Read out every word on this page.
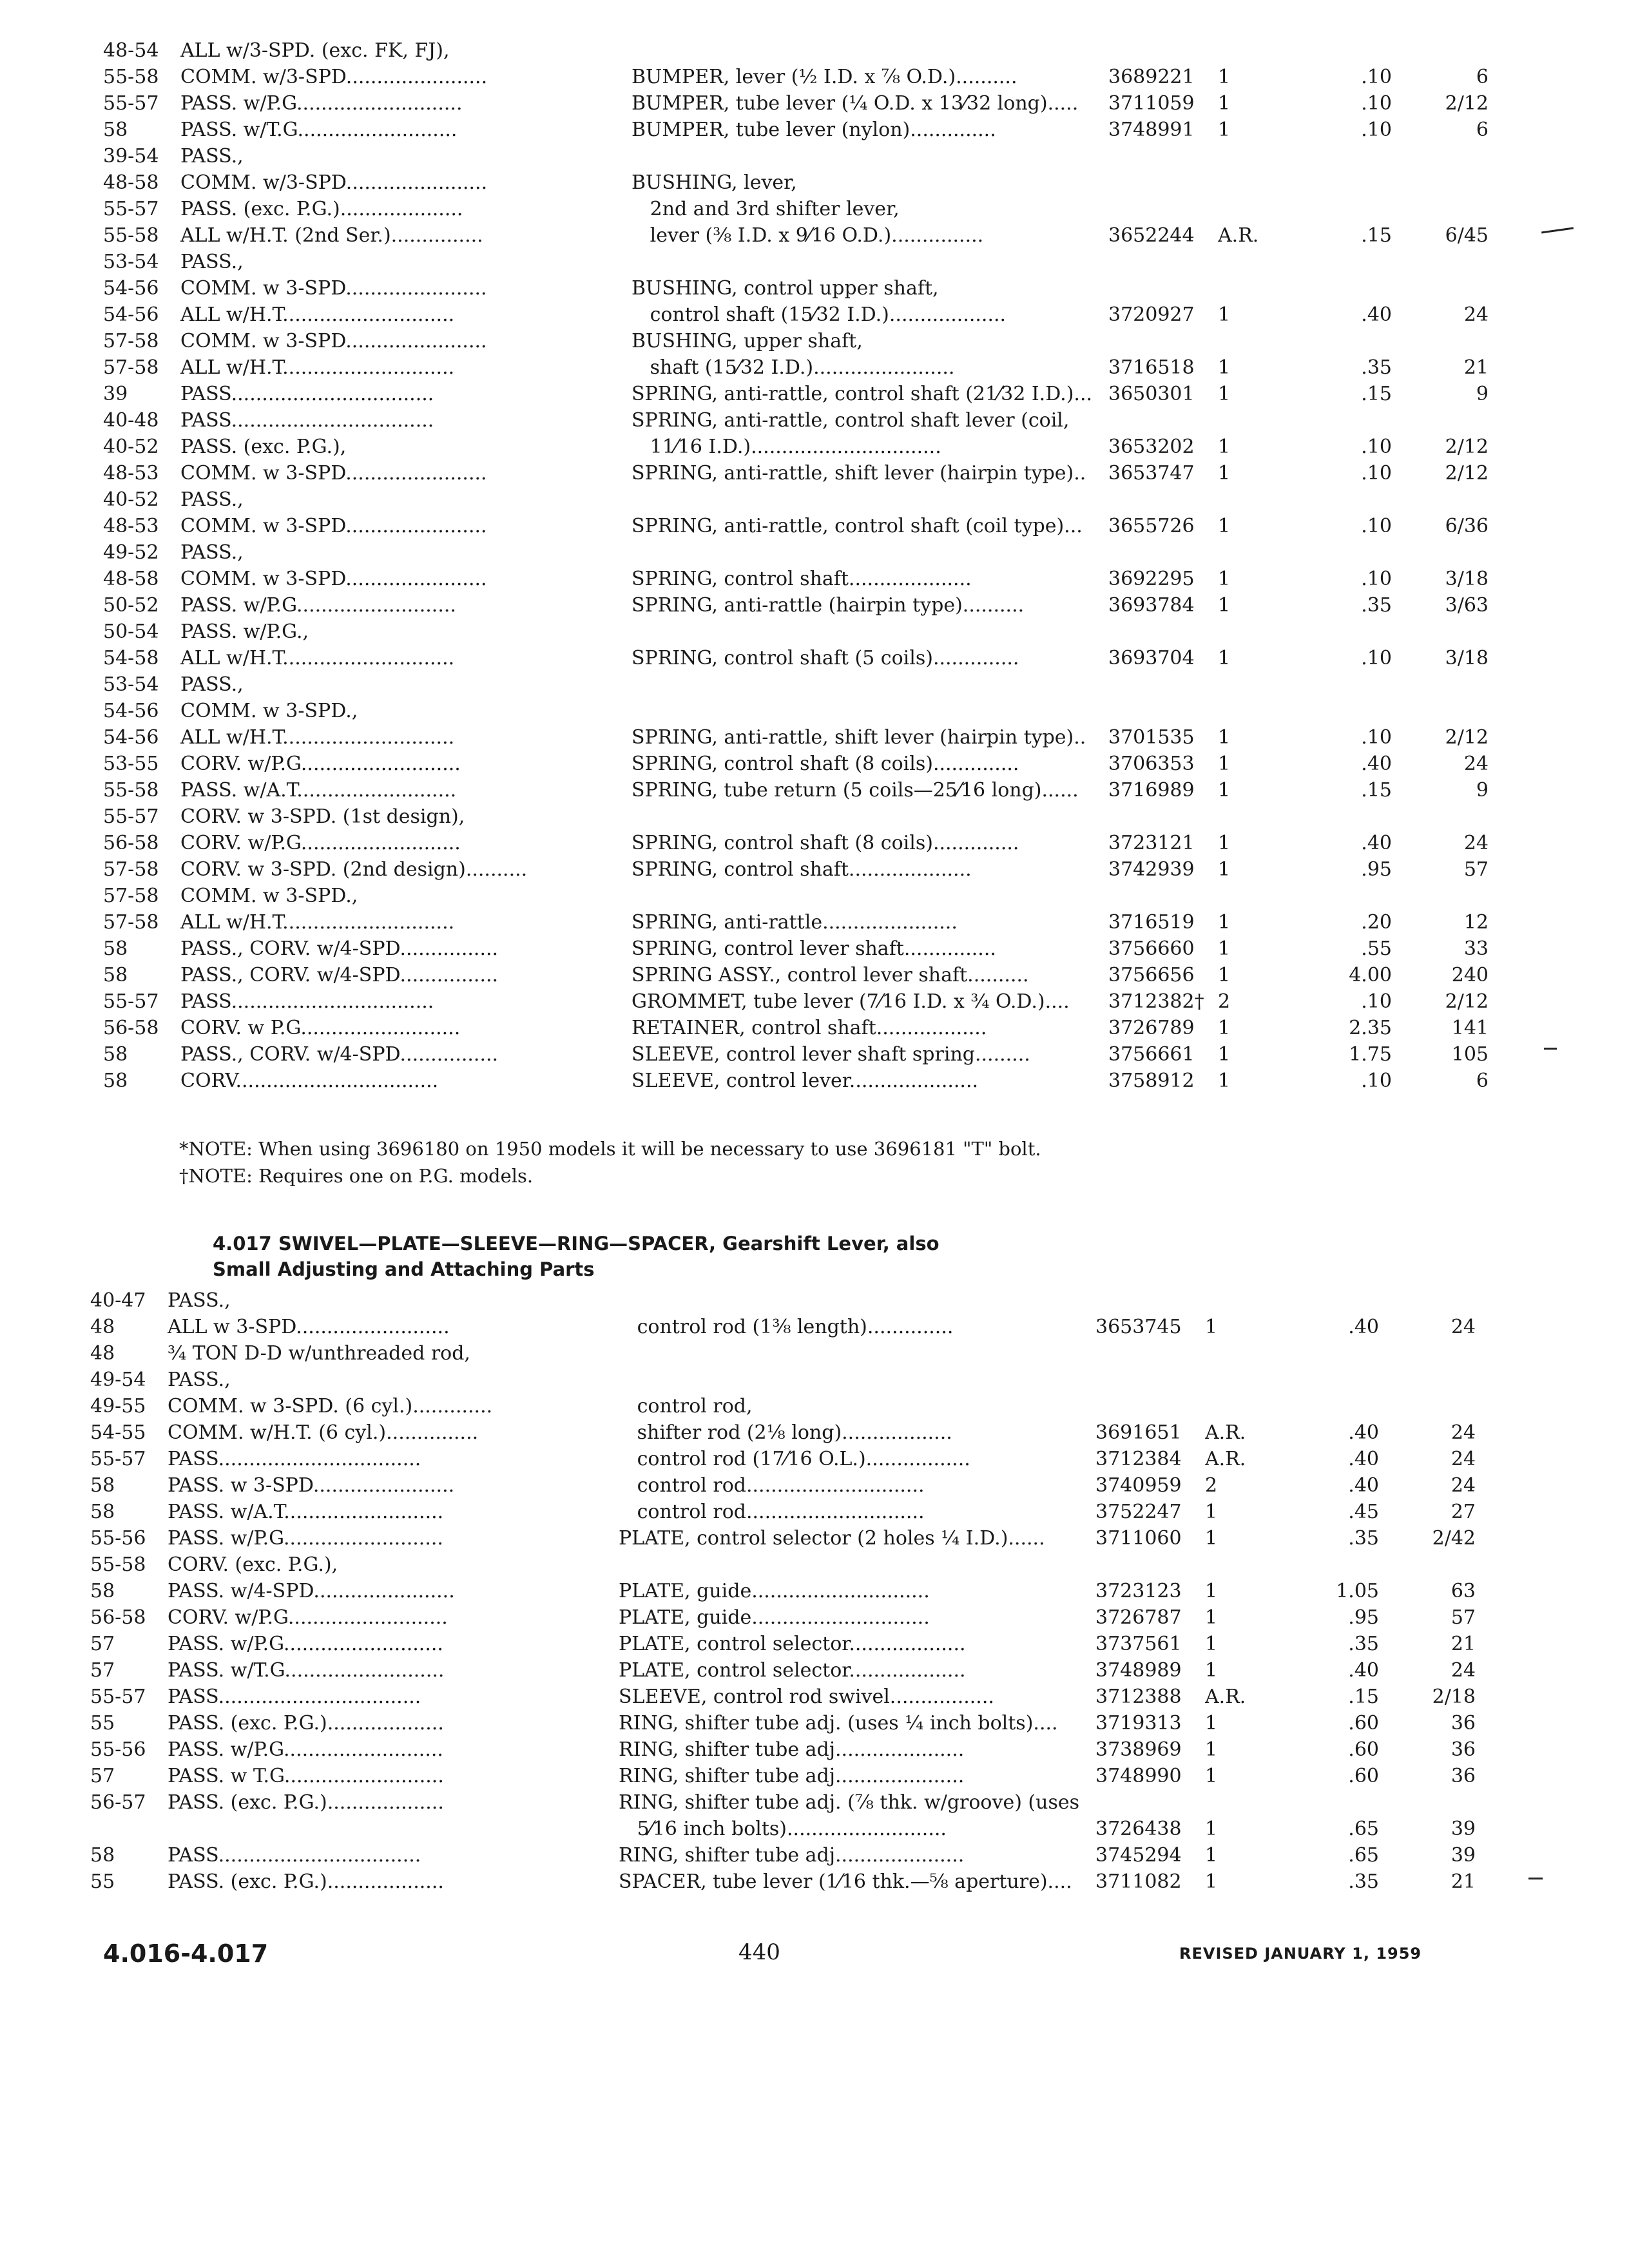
48-54	ALL w/3-SPD. (exc. FK, FJ),					
55-58	COMM. w/3-SPD.......................	BUMPER, lever (½ I.D. x ⅞ O.D.)..........	3689221	1	.10	6
55-57	PASS. w/P.G...........................	BUMPER, tube lever (¼ O.D. x 13⁄32 long).....	3711059	1	.10	2/12
58	PASS. w/T.G..........................	BUMPER, tube lever (nylon)..............	3748991	1	.10	6
39-54	PASS.,					
48-58	COMM. w/3-SPD.......................	BUSHING, lever,				
55-57	PASS. (exc. P.G.)....................	2nd and 3rd shifter lever,				
55-58	ALL w/H.T. (2nd Ser.)...............	lever (⅜ I.D. x 9⁄16 O.D.)...............	3652244	A.R.	.15	6/45
53-54	PASS.,					
54-56	COMM. w 3-SPD.......................	BUSHING, control upper shaft,				
54-56	ALL w/H.T............................	control shaft (15⁄32 I.D.)...................	3720927	1	.40	24
57-58	COMM. w 3-SPD.......................	BUSHING, upper shaft,				
57-58	ALL w/H.T............................	shaft (15⁄32 I.D.).......................	3716518	1	.35	21
39	PASS.................................	SPRING, anti-rattle, control shaft (21⁄32 I.D.)...	3650301	1	.15	9
40-48	PASS.................................	SPRING, anti-rattle, control shaft lever (coil,				
40-52	PASS. (exc. P.G.),	11⁄16 I.D.)...............................	3653202	1	.10	2/12
48-53	COMM. w 3-SPD.......................	SPRING, anti-rattle, shift lever (hairpin type)..	3653747	1	.10	2/12
40-52	PASS.,					
48-53	COMM. w 3-SPD.......................	SPRING, anti-rattle, control shaft (coil type)...	3655726	1	.10	6/36
49-52	PASS.,					
48-58	COMM. w 3-SPD.......................	SPRING, control shaft....................	3692295	1	.10	3/18
50-52	PASS. w/P.G..........................	SPRING, anti-rattle (hairpin type)..........	3693784	1	.35	3/63
50-54	PASS. w/P.G.,					
54-58	ALL w/H.T............................	SPRING, control shaft (5 coils)..............	3693704	1	.10	3/18
53-54	PASS.,					
54-56	COMM. w 3-SPD.,					
54-56	ALL w/H.T............................	SPRING, anti-rattle, shift lever (hairpin type)..	3701535	1	.10	2/12
53-55	CORV. w/P.G..........................	SPRING, control shaft (8 coils)..............	3706353	1	.40	24
55-58	PASS. w/A.T..........................	SPRING, tube return (5 coils—25⁄16 long)......	3716989	1	.15	9
55-57	CORV. w 3-SPD. (1st design),					
56-58	CORV. w/P.G..........................	SPRING, control shaft (8 coils)..............	3723121	1	.40	24
57-58	CORV. w 3-SPD. (2nd design)..........	SPRING, control shaft....................	3742939	1	.95	57
57-58	COMM. w 3-SPD.,					
57-58	ALL w/H.T............................	SPRING, anti-rattle......................	3716519	1	.20	12
58	PASS., CORV. w/4-SPD................	SPRING, control lever shaft...............	3756660	1	.55	33
58	PASS., CORV. w/4-SPD................	SPRING ASSY., control lever shaft..........	3756656	1	4.00	240
55-57	PASS.................................	GROMMET, tube lever (7⁄16 I.D. x ¾ O.D.)....	3712382†	2	.10	2/12
56-58	CORV. w P.G..........................	RETAINER, control shaft..................	3726789	1	2.35	141
58	PASS., CORV. w/4-SPD................	SLEEVE, control lever shaft spring.........	3756661	1	1.75	105
58	CORV.................................	SLEEVE, control lever.....................	3758912	1	.10	6
*NOTE: When using 3696180 on 1950 models it will be necessary to use 3696181 "T" bolt.
†NOTE: Requires one on P.G. models.
4.017 SWIVEL—PLATE—SLEEVE—RING—SPACER, Gearshift Lever, also
Small Adjusting and Attaching Parts
40-47	PASS.,					
48	ALL w 3-SPD.........................	control rod (1⅜ length)..............	3653745	1	.40	24
48	¾ TON D-D w/unthreaded rod,					
49-54	PASS.,					
49-55	COMM. w 3-SPD. (6 cyl.).............	control rod,				
54-55	COMM. w/H.T. (6 cyl.)...............	shifter rod (2⅛ long)..................	3691651	A.R.	.40	24
55-57	PASS.................................	control rod (17⁄16 O.L.).................	3712384	A.R.	.40	24
58	PASS. w 3-SPD.......................	control rod.............................	3740959	2	.40	24
58	PASS. w/A.T..........................	control rod.............................	3752247	1	.45	27
55-56	PASS. w/P.G..........................	PLATE, control selector (2 holes ¼ I.D.)......	3711060	1	.35	2/42
55-58	CORV. (exc. P.G.),					
58	PASS. w/4-SPD.......................	PLATE, guide.............................	3723123	1	1.05	63
56-58	CORV. w/P.G..........................	PLATE, guide.............................	3726787	1	.95	57
57	PASS. w/P.G..........................	PLATE, control selector...................	3737561	1	.35	21
57	PASS. w/T.G..........................	PLATE, control selector...................	3748989	1	.40	24
55-57	PASS.................................	SLEEVE, control rod swivel.................	3712388	A.R.	.15	2/18
55	PASS. (exc. P.G.)...................	RING, shifter tube adj. (uses ¼ inch bolts)....	3719313	1	.60	36
55-56	PASS. w/P.G..........................	RING, shifter tube adj.....................	3738969	1	.60	36
57	PASS. w T.G..........................	RING, shifter tube adj.....................	3748990	1	.60	36
56-57	PASS. (exc. P.G.)...................	RING, shifter tube adj. (⅞ thk. w/groove) (uses				
		5⁄16 inch bolts)..........................	3726438	1	.65	39
58	PASS.................................	RING, shifter tube adj.....................	3745294	1	.65	39
55	PASS. (exc. P.G.)...................	SPACER, tube lever (1⁄16 thk.—⅝ aperture)....	3711082	1	.35	21
4.016-4.017	440	REVISED JANUARY 1, 1959
